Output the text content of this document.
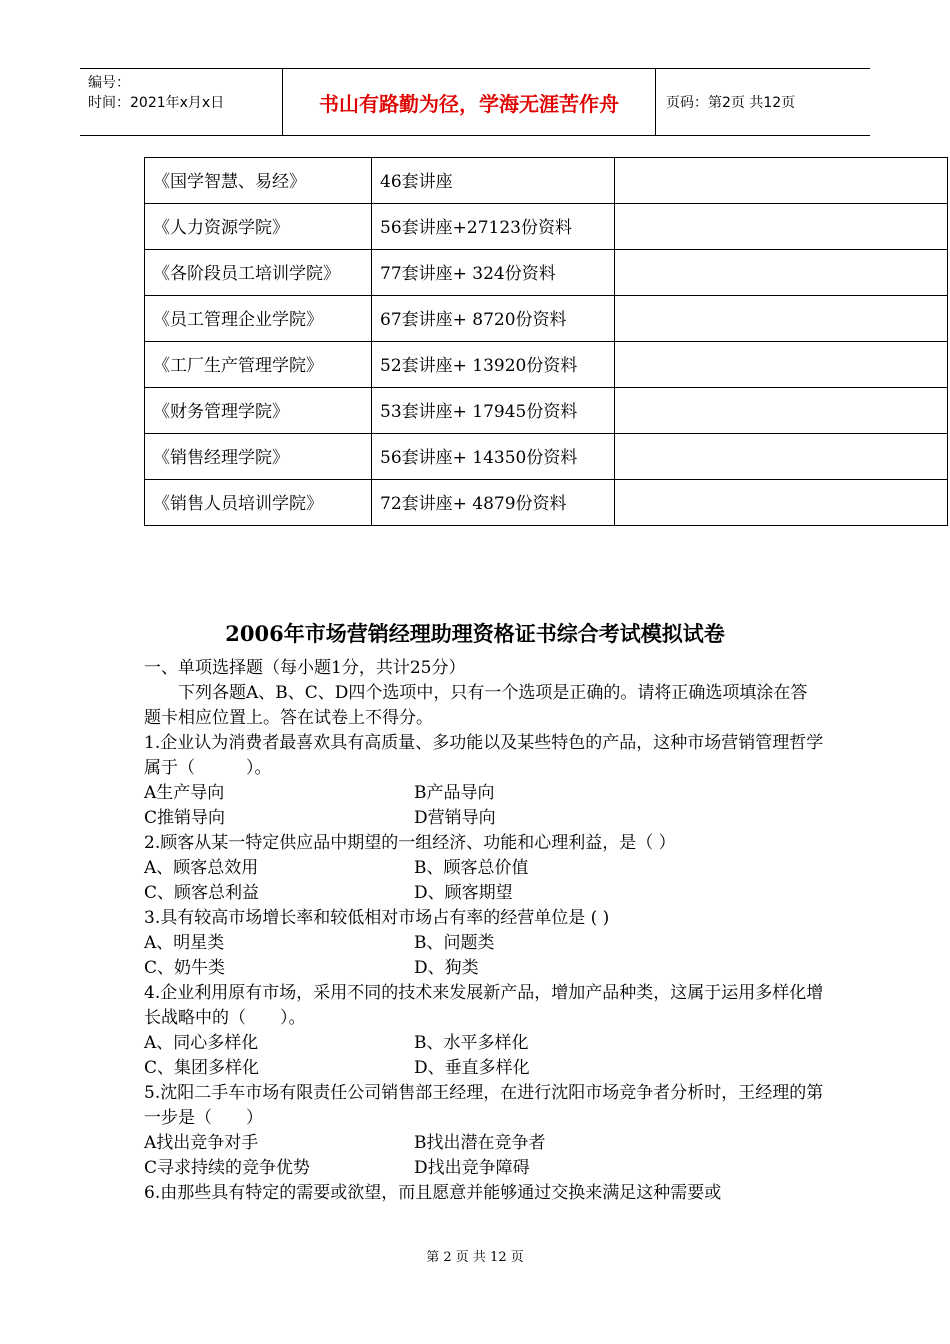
编号：
时间：2021年x月x日	书山有路勤为径，学海无涯苦作舟	页码：第2页 共12页
《国学智慧、易经》	46套讲座	
《人力资源学院》	56套讲座+27123份资料	
《各阶段员工培训学院》	77套讲座+ 324份资料	
《员工管理企业学院》	67套讲座+ 8720份资料	
《工厂生产管理学院》	52套讲座+ 13920份资料	
《财务管理学院》	53套讲座+ 17945份资料	
《销售经理学院》	56套讲座+ 14350份资料	
《销售人员培训学院》	72套讲座+ 4879份资料	
2006年市场营销经理助理资格证书综合考试模拟试卷

一、单项选择题（每小题1分，共计25分）

下列各题A、B、C、D四个选项中，只有一个选项是正确的。请将正确选项填涂在答题卡相应位置上。答在试卷上不得分。

1.企业认为消费者最喜欢具有高质量、多功能以及某些特色的产品，这种市场营销管理哲学属于（　　　）。

A生产导向	B产品导向
C推销导向	D营销导向

2.顾客从某一特定供应品中期望的一组经济、功能和心理利益，是（ ）

A、顾客总效用	B、顾客总价值
C、顾客总利益	D、顾客期望

3.具有较高市场增长率和较低相对市场占有率的经营单位是 ( )

A、明星类	B、问题类
C、奶牛类	D、狗类

4.企业利用原有市场，采用不同的技术来发展新产品，增加产品种类，这属于运用多样化增长战略中的（　　）。

A、同心多样化	B、水平多样化
C、集团多样化	D、垂直多样化

5.沈阳二手车市场有限责任公司销售部王经理，在进行沈阳市场竞争者分析时，王经理的第一步是（　　）

A找出竞争对手	B找出潜在竞争者
C寻求持续的竞争优势	D找出竞争障碍

6.由那些具有特定的需要或欲望，而且愿意并能够通过交换来满足这种需要或

第 2 页 共 12 页
